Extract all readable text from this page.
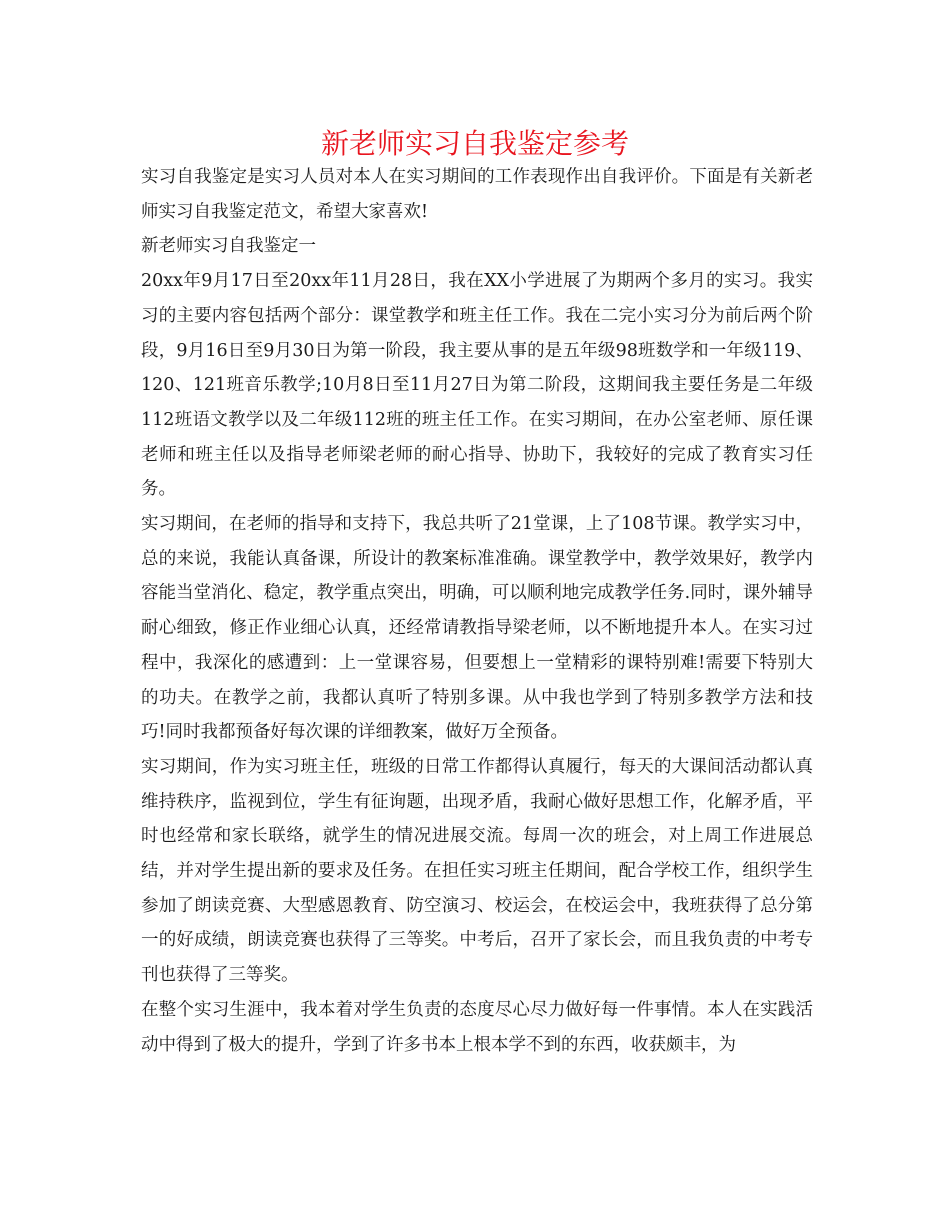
新老师实习自我鉴定参考

实习自我鉴定是实习人员对本人在实习期间的工作表现作出自我评价。下面是有关新老师实习自我鉴定范文，希望大家喜欢!

新老师实习自我鉴定一

20xx年9月17日至20xx年11月28日，我在XX小学进展了为期两个多月的实习。我实习的主要内容包括两个部分：课堂教学和班主任工作。我在二完小实习分为前后两个阶段，9月16日至9月30日为第一阶段，我主要从事的是五年级98班数学和一年级119、120、121班音乐教学;10月8日至11月27日为第二阶段，这期间我主要任务是二年级112班语文教学以及二年级112班的班主任工作。在实习期间，在办公室老师、原任课老师和班主任以及指导老师梁老师的耐心指导、协助下，我较好的完成了教育实习任务。

实习期间，在老师的指导和支持下，我总共听了21堂课，上了108节课。教学实习中，总的来说，我能认真备课，所设计的教案标准准确。课堂教学中，教学效果好，教学内容能当堂消化、稳定，教学重点突出，明确，可以顺利地完成教学任务.同时，课外辅导耐心细致，修正作业细心认真，还经常请教指导梁老师，以不断地提升本人。在实习过程中，我深化的感遭到：上一堂课容易，但要想上一堂精彩的课特别难!需要下特别大的功夫。在教学之前，我都认真听了特别多课。从中我也学到了特别多教学方法和技巧!同时我都预备好每次课的详细教案，做好万全预备。

实习期间，作为实习班主任，班级的日常工作都得认真履行，每天的大课间活动都认真维持秩序，监视到位，学生有征询题，出现矛盾，我耐心做好思想工作，化解矛盾，平时也经常和家长联络，就学生的情况进展交流。每周一次的班会，对上周工作进展总结，并对学生提出新的要求及任务。在担任实习班主任期间，配合学校工作，组织学生参加了朗读竞赛、大型感恩教育、防空演习、校运会，在校运会中，我班获得了总分第一的好成绩，朗读竞赛也获得了三等奖。中考后，召开了家长会，而且我负责的中考专刊也获得了三等奖。

在整个实习生涯中，我本着对学生负责的态度尽心尽力做好每一件事情。本人在实践活动中得到了极大的提升，学到了许多书本上根本学不到的东西，收获颇丰，为
